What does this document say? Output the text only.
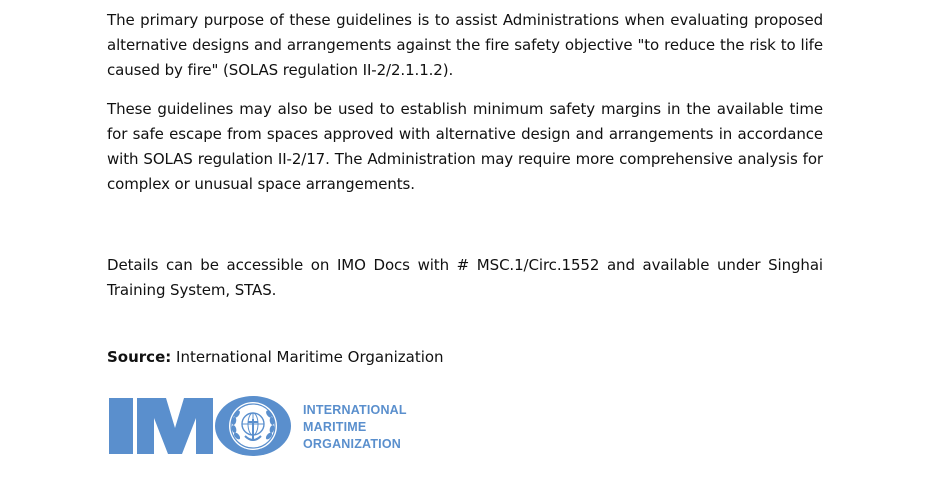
The primary purpose of these guidelines is to assist Administrations when evaluating proposed alternative designs and arrangements against the fire safety objective "to reduce the risk to life caused by fire" (SOLAS regulation II-2/2.1.1.2).

These guidelines may also be used to establish minimum safety margins in the available time for safe escape from spaces approved with alternative design and arrangements in accordance with SOLAS regulation II-2/17. The Administration may require more comprehensive analysis for complex or unusual space arrangements.

Details can be accessible on IMO Docs with # MSC.1/Circ.1552 and available under Singhai Training System, STAS.

Source: International Maritime Organization

INTERNATIONAL
MARITIME
ORGANIZATION
